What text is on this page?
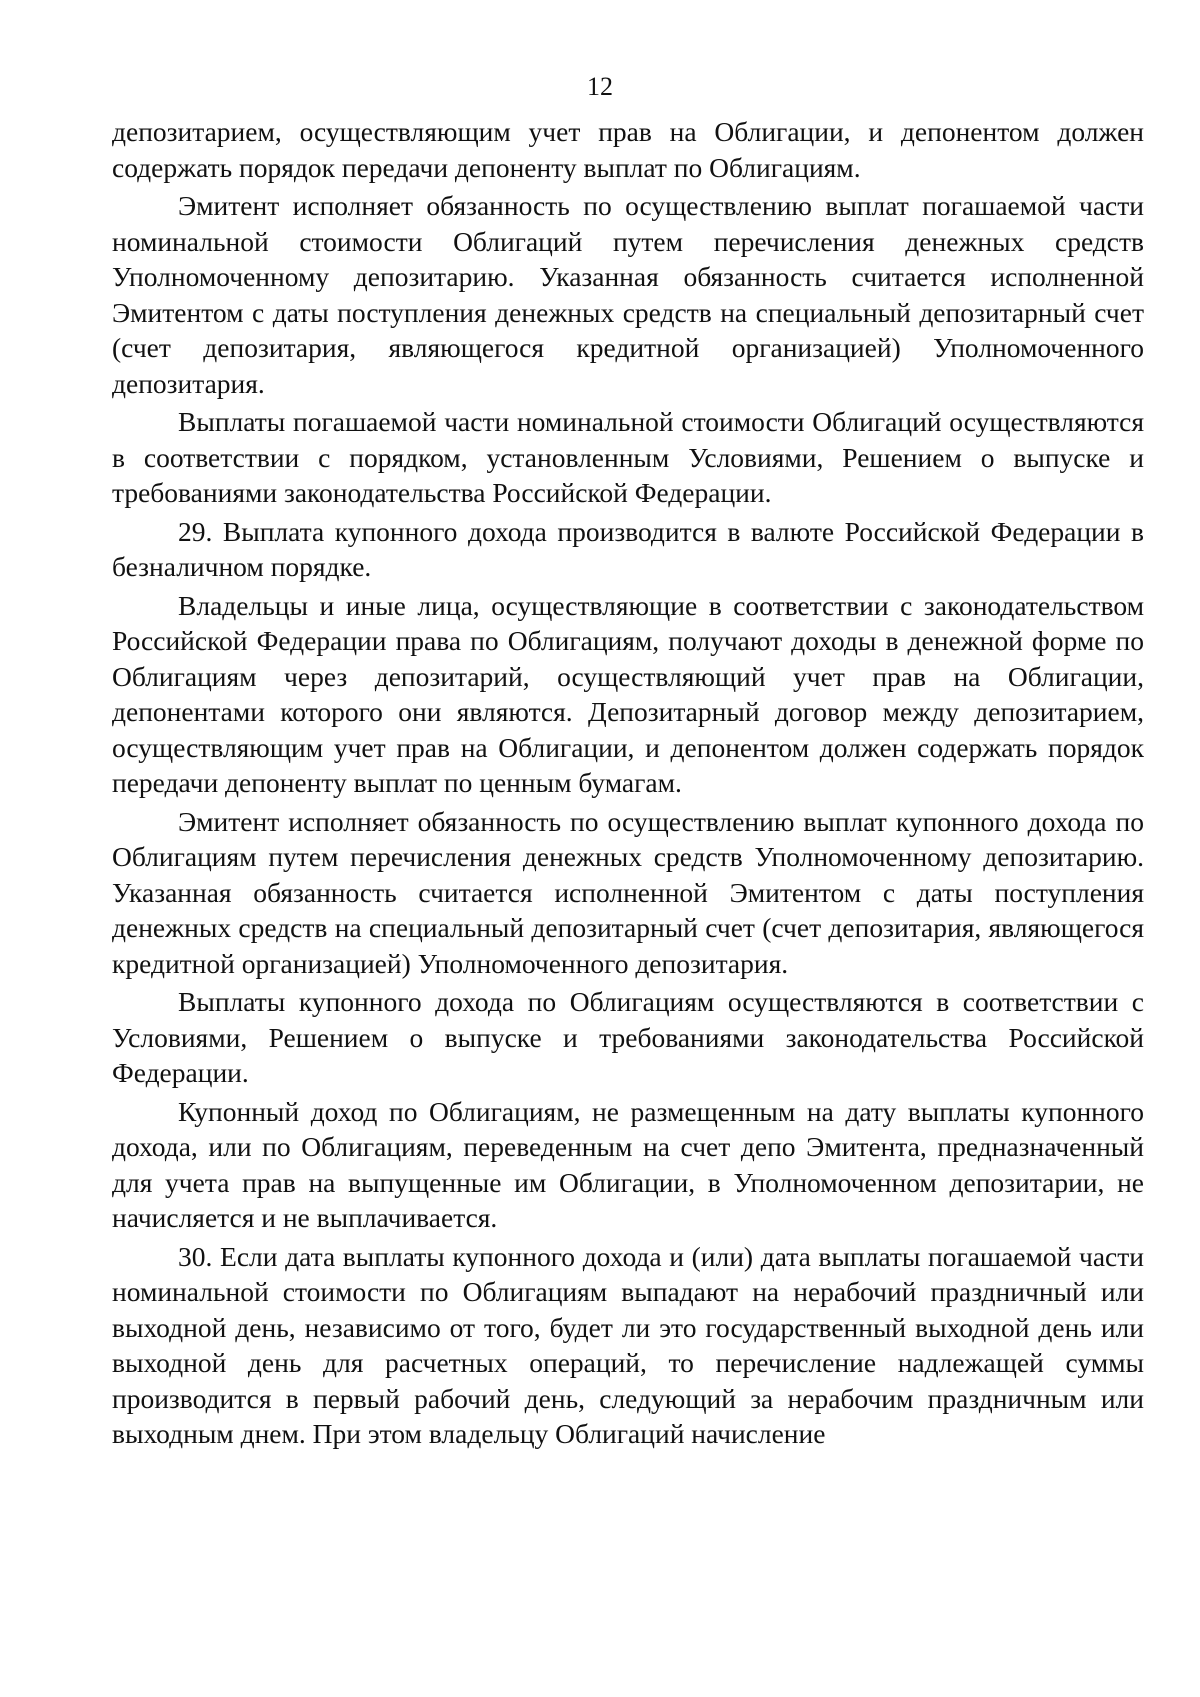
12

депозитарием, осуществляющим учет прав на Облигации, и депонентом должен содержать порядок передачи депоненту выплат по Облигациям.

Эмитент исполняет обязанность по осуществлению выплат погашаемой части номинальной стоимости Облигаций путем перечисления денежных средств Уполномоченному депозитарию. Указанная обязанность считается исполненной Эмитентом с даты поступления денежных средств на специальный депозитарный счет (счет депозитария, являющегося кредитной организацией) Уполномоченного депозитария.

Выплаты погашаемой части номинальной стоимости Облигаций осуществляются в соответствии с порядком, установленным Условиями, Решением о выпуске и требованиями законодательства Российской Федерации.

29. Выплата купонного дохода производится в валюте Российской Федерации в безналичном порядке.

Владельцы и иные лица, осуществляющие в соответствии с законодательством Российской Федерации права по Облигациям, получают доходы в денежной форме по Облигациям через депозитарий, осуществляющий учет прав на Облигации, депонентами которого они являются. Депозитарный договор между депозитарием, осуществляющим учет прав на Облигации, и депонентом должен содержать порядок передачи депоненту выплат по ценным бумагам.

Эмитент исполняет обязанность по осуществлению выплат купонного дохода по Облигациям путем перечисления денежных средств Уполномоченному депозитарию. Указанная обязанность считается исполненной Эмитентом с даты поступления денежных средств на специальный депозитарный счет (счет депозитария, являющегося кредитной организацией) Уполномоченного депозитария.

Выплаты купонного дохода по Облигациям осуществляются в соответствии с Условиями, Решением о выпуске и требованиями законодательства Российской Федерации.

Купонный доход по Облигациям, не размещенным на дату выплаты купонного дохода, или по Облигациям, переведенным на счет депо Эмитента, предназначенный для учета прав на выпущенные им Облигации, в Уполномоченном депозитарии, не начисляется и не выплачивается.

30. Если дата выплаты купонного дохода и (или) дата выплаты погашаемой части номинальной стоимости по Облигациям выпадают на нерабочий праздничный или выходной день, независимо от того, будет ли это государственный выходной день или выходной день для расчетных операций, то перечисление надлежащей суммы производится в первый рабочий день, следующий за нерабочим праздничным или выходным днем. При этом владельцу Облигаций начисление
